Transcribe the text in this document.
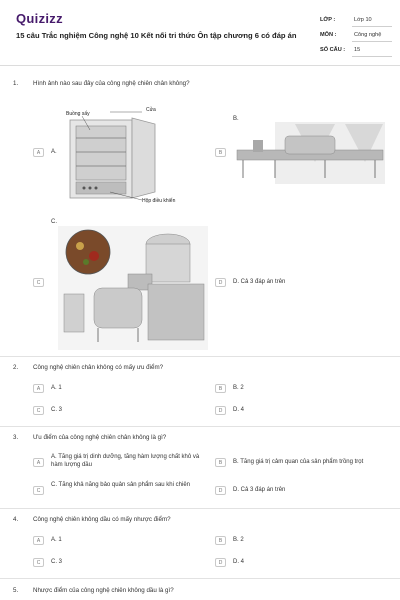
Quizizz
15 câu Trắc nghiệm Công nghệ 10 Kết nối tri thức Ôn tập chương 6 có đáp án
LỚP :	Lớp 10
MÔN :	Công nghệ
SỐ CÂU : 15
1. Hình ảnh nào sau đây của công nghệ chiên chân không?
A	A.
Cửa
Buồng sấy
Hộp điều khiển
B.
B
C.
C	D	D. Cả 3 đáp án trên
2. Công nghệ chiên chân không có mấy ưu điểm?
A	A. 1	B	B. 2
C	C. 3	D	D. 4
3. Ưu điểm của công nghệ chiên chân không là gì?
A
A. Tăng giá trị dinh dưỡng, tăng hàm lượng chất khô và hàm lượng dầu	B	B. Tăng giá trị cảm quan của sản phẩm trồng trọt
C
C. Tăng khả năng bảo quản sản phẩm sau khi chiên
D	D. Cả 3 đáp án trên
4. Công nghệ chiên không dầu có mấy nhược điểm?
A	A. 1	B	B. 2
C	C. 3	D	D. 4
5. Nhược điểm của công nghệ chiên không dầu là gì?
